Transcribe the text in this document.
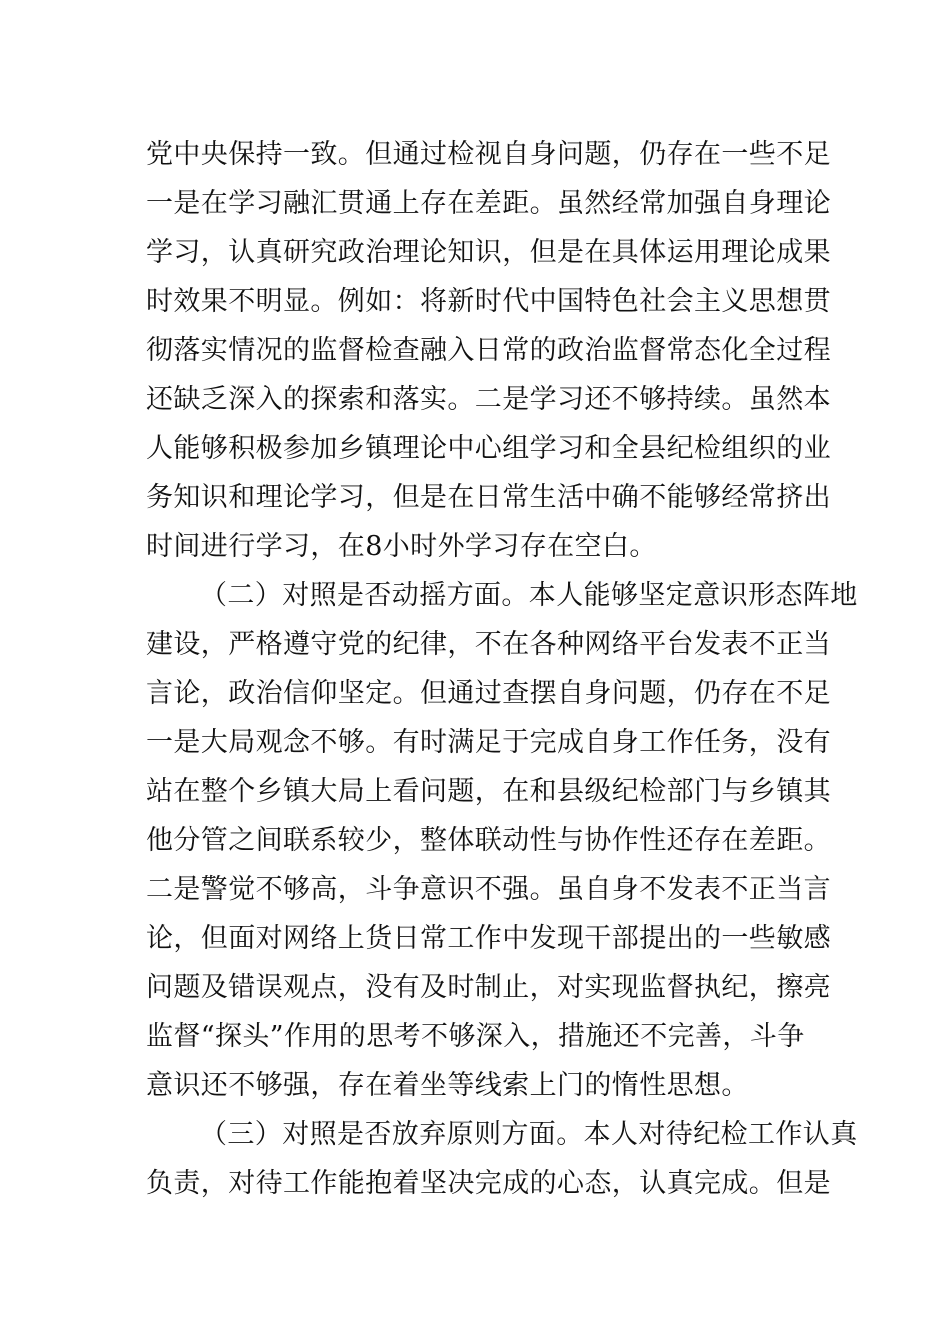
党中央保持一致。但通过检视自身问题，仍存在一些不足
一是在学习融汇贯通上存在差距。虽然经常加强自身理论
学习，认真研究政治理论知识，但是在具体运用理论成果
时效果不明显。例如：将新时代中国特色社会主义思想贯
彻落实情况的监督检查融入日常的政治监督常态化全过程
还缺乏深入的探索和落实。二是学习还不够持续。虽然本
人能够积极参加乡镇理论中心组学习和全县纪检组织的业
务知识和理论学习，但是在日常生活中确不能够经常挤出
时间进行学习，在8小时外学习存在空白。
（二）对照是否动摇方面。本人能够坚定意识形态阵地
建设，严格遵守党的纪律，不在各种网络平台发表不正当
言论，政治信仰坚定。但通过查摆自身问题，仍存在不足
一是大局观念不够。有时满足于完成自身工作任务，没有
站在整个乡镇大局上看问题，在和县级纪检部门与乡镇其
他分管之间联系较少，整体联动性与协作性还存在差距。
二是警觉不够高，斗争意识不强。虽自身不发表不正当言
论，但面对网络上货日常工作中发现干部提出的一些敏感
问题及错误观点，没有及时制止，对实现监督执纪，擦亮
监督“探头”作用的思考不够深入，措施还不完善，斗争
意识还不够强，存在着坐等线索上门的惰性思想。
（三）对照是否放弃原则方面。本人对待纪检工作认真
负责，对待工作能抱着坚决完成的心态，认真完成。但是
